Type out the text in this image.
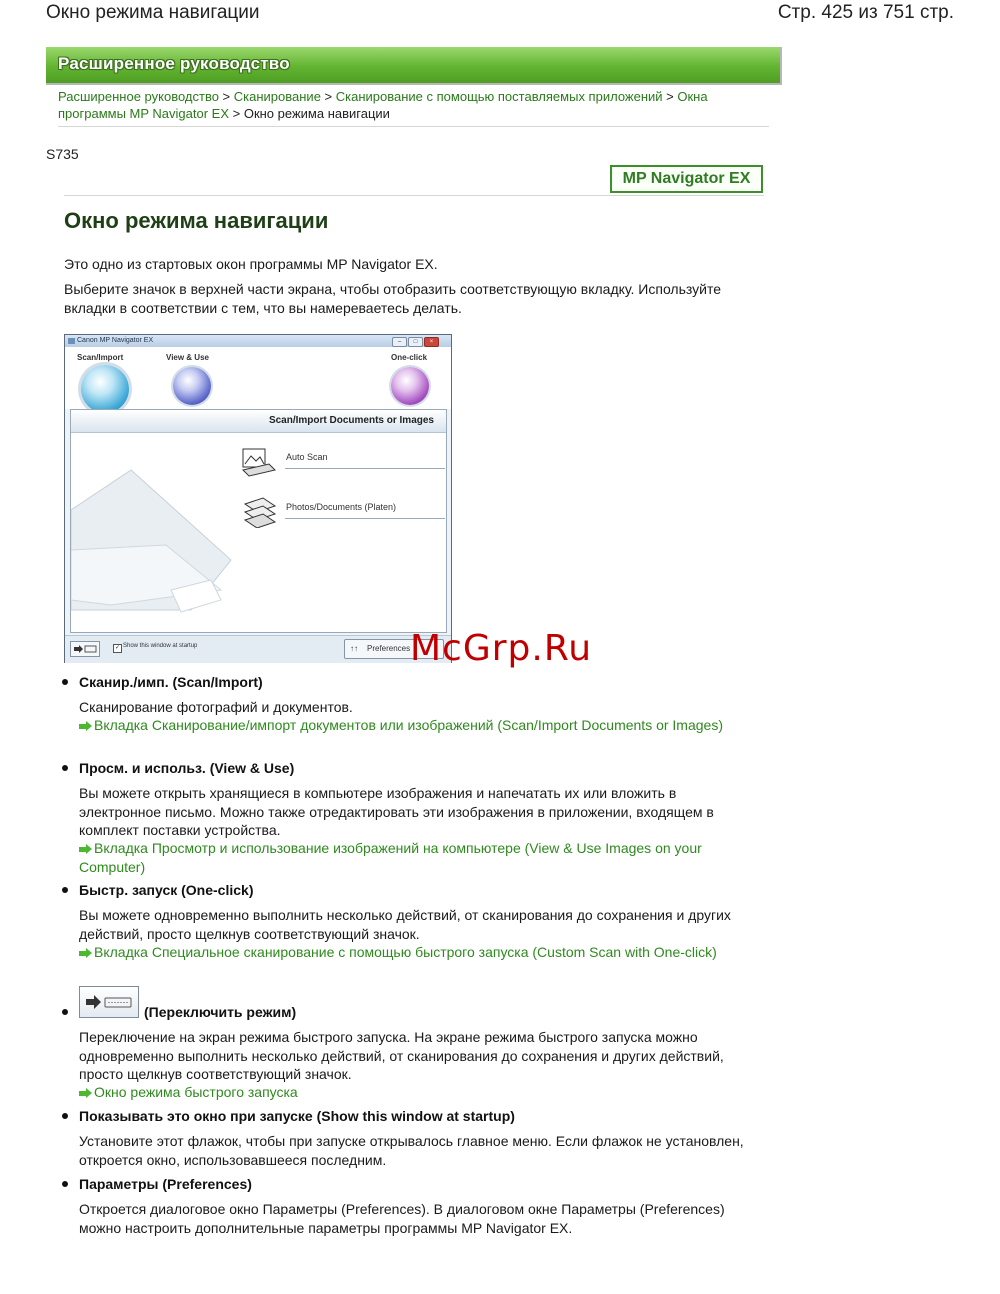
Окно режима навигации	Стр. 425 из 751 стр.
Расширенное руководство
Расширенное руководство > Сканирование > Сканирование с помощью поставляемых приложений > Окна программы MP Navigator EX > Окно режима навигации
S735
MP Navigator EX
Окно режима навигации
Это одно из стартовых окон программы MP Navigator EX.
Выберите значок в верхней части экрана, чтобы отобразить соответствующую вкладку. Используйте вкладки в соответствии с тем, что вы намереваетесь делать.
Canon MP Navigator EX	–	□	×
Scan/Import	View & Use	One-click
Scan/Import Documents or Images
Auto Scan
Photos/Documents (Platen)
✓ Show this window at startup	↑↑ Preferences McGrp.Ru
Сканир./имп. (Scan/Import)
Сканирование фотографий и документов.
Вкладка Сканирование/импорт документов или изображений (Scan/Import Documents or Images)
Просм. и использ. (View & Use)
Вы можете открыть хранящиеся в компьютере изображения и напечатать их или вложить в электронное письмо. Можно также отредактировать эти изображения в приложении, входящем в комплект поставки устройства.
Вкладка Просмотр и использование изображений на компьютере (View & Use Images on your Computer)
Быстр. запуск (One-click)
Вы можете одновременно выполнить несколько действий, от сканирования до сохранения и других действий, просто щелкнув соответствующий значок.
Вкладка Специальное сканирование с помощью быстрого запуска (Custom Scan with One-click)
(Переключить режим)
Переключение на экран режима быстрого запуска. На экране режима быстрого запуска можно одновременно выполнить несколько действий, от сканирования до сохранения и других действий, просто щелкнув соответствующий значок.
Окно режима быстрого запуска
Показывать это окно при запуске (Show this window at startup)
Установите этот флажок, чтобы при запуске открывалось главное меню. Если флажок не установлен, откроется окно, использовавшееся последним.
Параметры (Preferences)
Откроется диалоговое окно Параметры (Preferences). В диалоговом окне Параметры (Preferences) можно настроить дополнительные параметры программы MP Navigator EX.
